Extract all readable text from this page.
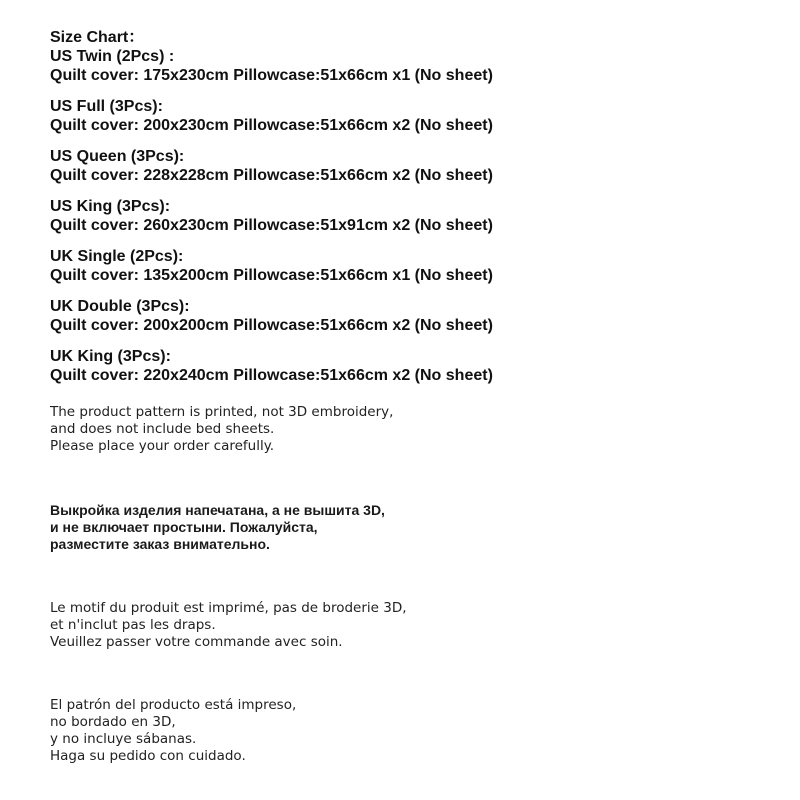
Size Chart：
US Twin (2Pcs) :
Quilt cover: 175x230cm Pillowcase:51x66cm x1 (No sheet)
US Full (3Pcs):
Quilt cover: 200x230cm Pillowcase:51x66cm x2 (No sheet)
US Queen (3Pcs):
Quilt cover: 228x228cm Pillowcase:51x66cm x2 (No sheet)
US King (3Pcs):
Quilt cover: 260x230cm Pillowcase:51x91cm x2 (No sheet)
UK Single (2Pcs):
Quilt cover: 135x200cm Pillowcase:51x66cm x1 (No sheet)
UK Double (3Pcs):
Quilt cover: 200x200cm Pillowcase:51x66cm x2 (No sheet)
UK King (3Pcs):
Quilt cover: 220x240cm Pillowcase:51x66cm x2 (No sheet)
The product pattern is printed, not 3D embroidery,
and does not include bed sheets.
Please place your order carefully.
Выкройка изделия напечатана, а не вышита 3D,
и не включает простыни. Пожалуйста,
разместите заказ внимательно.
Le motif du produit est imprimé, pas de broderie 3D,
et n'inclut pas les draps.
Veuillez passer votre commande avec soin.
El patrón del producto está impreso,
no bordado en 3D,
y no incluye sábanas.
Haga su pedido con cuidado.
